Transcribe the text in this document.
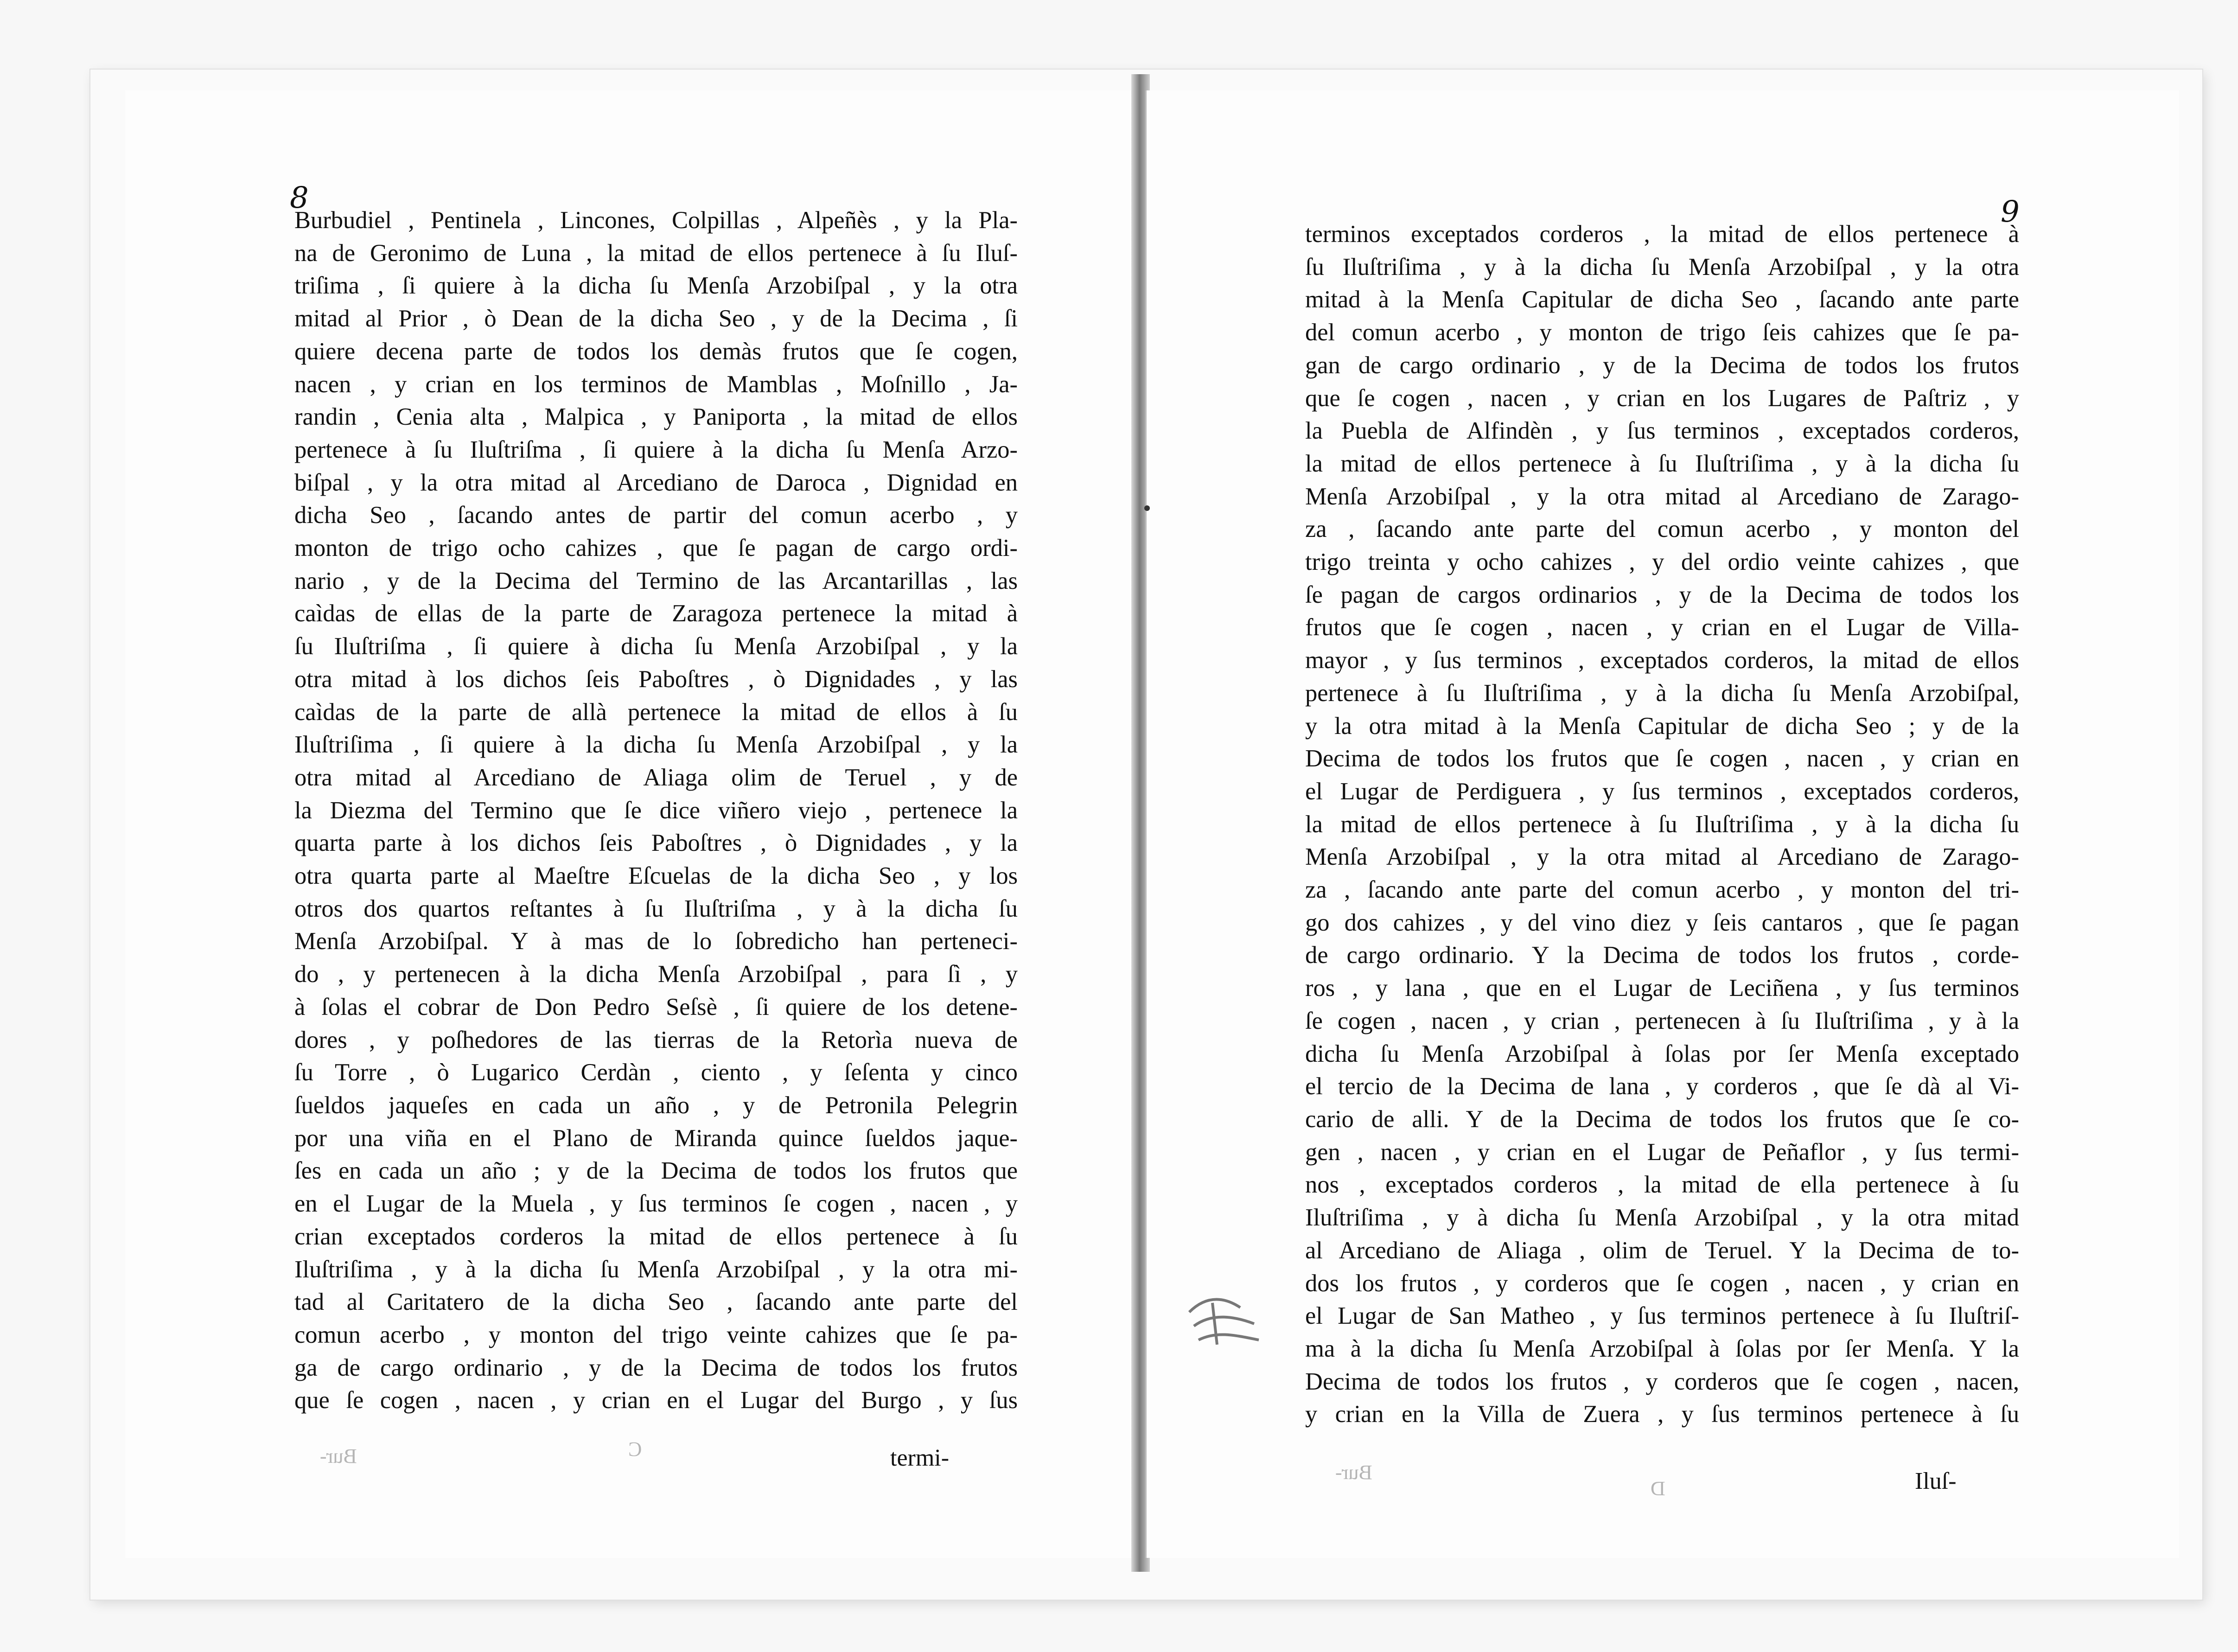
8	9
Burbudiel , Pentinela , Lincones, Colpillas , Alpeñès , y la Pla-
na de Geronimo de Luna , la mitad de ellos pertenece à ſu Iluſ-
triſima , ſi quiere à la dicha ſu Menſa Arzobiſpal , y la otra
mitad al Prior , ò Dean de la dicha Seo , y de la Decima , ſi
quiere decena parte de todos los demàs frutos que ſe cogen,
nacen , y crian en los terminos de Mamblas , Moſnillo , Ja-
randin , Cenia alta , Malpica , y Paniporta , la mitad de ellos
pertenece à ſu Iluſtriſma , ſi quiere à la dicha ſu Menſa Arzo-
biſpal , y la otra mitad al Arcediano de Daroca , Dignidad en
dicha Seo , ſacando antes de partir del comun acerbo , y
monton de trigo ocho cahizes , que ſe pagan de cargo ordi-
nario , y de la Decima del Termino de las Arcantarillas , las
caìdas de ellas de la parte de Zaragoza pertenece la mitad à
ſu Iluſtriſma , ſi quiere à dicha ſu Menſa Arzobiſpal , y la
otra mitad à los dichos ſeis Paboſtres , ò Dignidades , y las
caìdas de la parte de allà pertenece la mitad de ellos à ſu
Iluſtriſima , ſi quiere à la dicha ſu Menſa Arzobiſpal , y la
otra mitad al Arcediano de Aliaga olim de Teruel , y de
la Diezma del Termino que ſe dice viñero viejo , pertenece la
quarta parte à los dichos ſeis Paboſtres , ò Dignidades , y la
otra quarta parte al Maeſtre Eſcuelas de la dicha Seo , y los
otros dos quartos reſtantes à ſu Iluſtriſma , y à la dicha ſu
Menſa Arzobiſpal. Y à mas de lo ſobredicho han perteneci-
do , y pertenecen à la dicha Menſa Arzobiſpal , para ſì , y
à ſolas el cobrar de Don Pedro Seſsè , ſi quiere de los detene-
dores , y poſhedores de las tierras de la Retorìa nueva de
ſu Torre , ò Lugarico Cerdàn , ciento , y ſeſenta y cinco
ſueldos jaqueſes en cada un año , y de Petronila Pelegrin
por una viña en el Plano de Miranda quince ſueldos jaque-
ſes en cada un año ; y de la Decima de todos los frutos que
en el Lugar de la Muela , y ſus terminos ſe cogen , nacen , y
crian exceptados corderos la mitad de ellos pertenece à ſu
Iluſtriſima , y à la dicha ſu Menſa Arzobiſpal , y la otra mi-
tad al Caritatero de la dicha Seo , ſacando ante parte del
comun acerbo , y monton del trigo veinte cahizes que ſe pa-
ga de cargo ordinario , y de la Decima de todos los frutos
que ſe cogen , nacen , y crian en el Lugar del Burgo , y ſus
terminos exceptados corderos , la mitad de ellos pertenece à
ſu Iluſtriſima , y à la dicha ſu Menſa Arzobiſpal , y la otra
mitad à la Menſa Capitular de dicha Seo , ſacando ante parte
del comun acerbo , y monton de trigo ſeis cahizes que ſe pa-
gan de cargo ordinario , y de la Decima de todos los frutos
que ſe cogen , nacen , y crian en los Lugares de Paſtriz , y
la Puebla de Alfindèn , y ſus terminos , exceptados corderos,
la mitad de ellos pertenece à ſu Iluſtriſima , y à la dicha ſu
Menſa Arzobiſpal , y la otra mitad al Arcediano de Zarago-
za , ſacando ante parte del comun acerbo , y monton del
trigo treinta y ocho cahizes , y del ordio veinte cahizes , que
ſe pagan de cargos ordinarios , y de la Decima de todos los
frutos que ſe cogen , nacen , y crian en el Lugar de Villa-
mayor , y ſus terminos , exceptados corderos, la mitad de ellos
pertenece à ſu Iluſtriſima , y à la dicha ſu Menſa Arzobiſpal,
y la otra mitad à la Menſa Capitular de dicha Seo ; y de la
Decima de todos los frutos que ſe cogen , nacen , y crian en
el Lugar de Perdiguera , y ſus terminos , exceptados corderos,
la mitad de ellos pertenece à ſu Iluſtriſima , y à la dicha ſu
Menſa Arzobiſpal , y la otra mitad al Arcediano de Zarago-
za , ſacando ante parte del comun acerbo , y monton del tri-
go dos cahizes , y del vino diez y ſeis cantaros , que ſe pagan
de cargo ordinario. Y la Decima de todos los frutos , corde-
ros , y lana , que en el Lugar de Leciñena , y ſus terminos
ſe cogen , nacen , y crian , pertenecen à ſu Iluſtriſima , y à la
dicha ſu Menſa Arzobiſpal à ſolas por ſer Menſa exceptado
el tercio de la Decima de lana , y corderos , que ſe dà al Vi-
cario de alli. Y de la Decima de todos los frutos que ſe co-
gen , nacen , y crian en el Lugar de Peñaflor , y ſus termi-
nos , exceptados corderos , la mitad de ella pertenece à ſu
Iluſtriſima , y à dicha ſu Menſa Arzobiſpal , y la otra mitad
al Arcediano de Aliaga , olim de Teruel. Y la Decima de to-
dos los frutos , y corderos que ſe cogen , nacen , y crian en
el Lugar de San Matheo , y ſus terminos pertenece à ſu Iluſtriſ-
ma à la dicha ſu Menſa Arzobiſpal à ſolas por ſer Menſa. Y la
Decima de todos los frutos , y corderos que ſe cogen , nacen,
y crian en la Villa de Zuera , y ſus terminos pertenece à ſu
termi-
Iluſ-
Bur-	C
Bur-
D
